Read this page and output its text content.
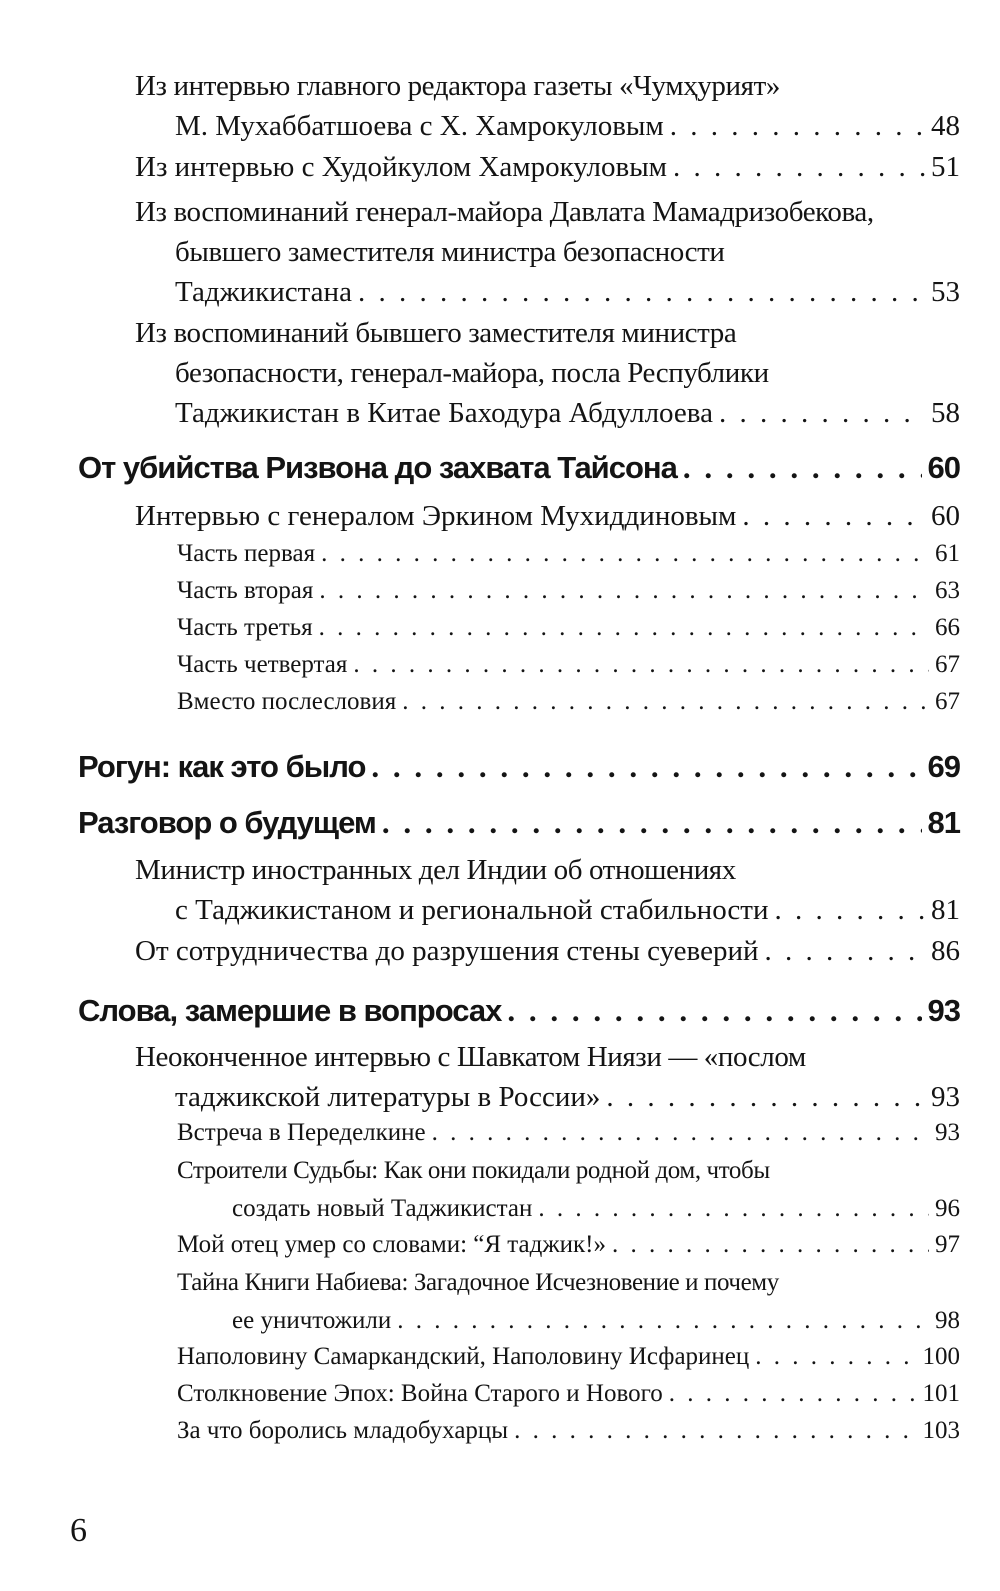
Из интервью главного редактора газеты «Чумҳурият»
М. Мухаббатшоева с Х. Хамрокуловым . . .	48
Из интервью с Худойкулом Хамрокуловым . . .	51
Из воспоминаний генерал-майора Давлата Мамадризобекова,
бывшего заместителя министра безопасности
Таджикистана . . .	53
Из воспоминаний бывшего заместителя министра
безопасности, генерал-майора, посла Республики
Таджикистан в Китае Баходура Абдуллоева . . .	58
От убийства Ризвона до захвата Тайсона . . .	60
Интервью с генералом Эркином Мухиддиновым . . .	60
Часть первая . . .	61
Часть вторая . . .	63
Часть третья . . .	66
Часть четвертая . . .	67
Вместо послесловия . . .	67
Рогун: как это было . . .	69
Разговор о будущем . . .	81
Министр иностранных дел Индии об отношениях
с Таджикистаном и региональной стабильности . . .	81
От сотрудничества до разрушения стены суеверий . . .	86
Слова, замершие в вопросах . . .	93
Неоконченное интервью с Шавкатом Ниязи — «послом
таджикской литературы в России» . . .	93
Встреча в Переделкине . . .	93
Строители Судьбы: Как они покидали родной дом, чтобы
создать новый Таджикистан . . .	96
Мой отец умер со словами: “Я таджик!» . . .	97
Тайна Книги Набиева: Загадочное Исчезновение и почему
ее уничтожили . . .	98
Наполовину Самаркандский, Наполовину Исфаринец . . .	100
Столкновение Эпох: Война Старого и Нового . . .	101
За что боролись младобухарцы . . .	103
6
